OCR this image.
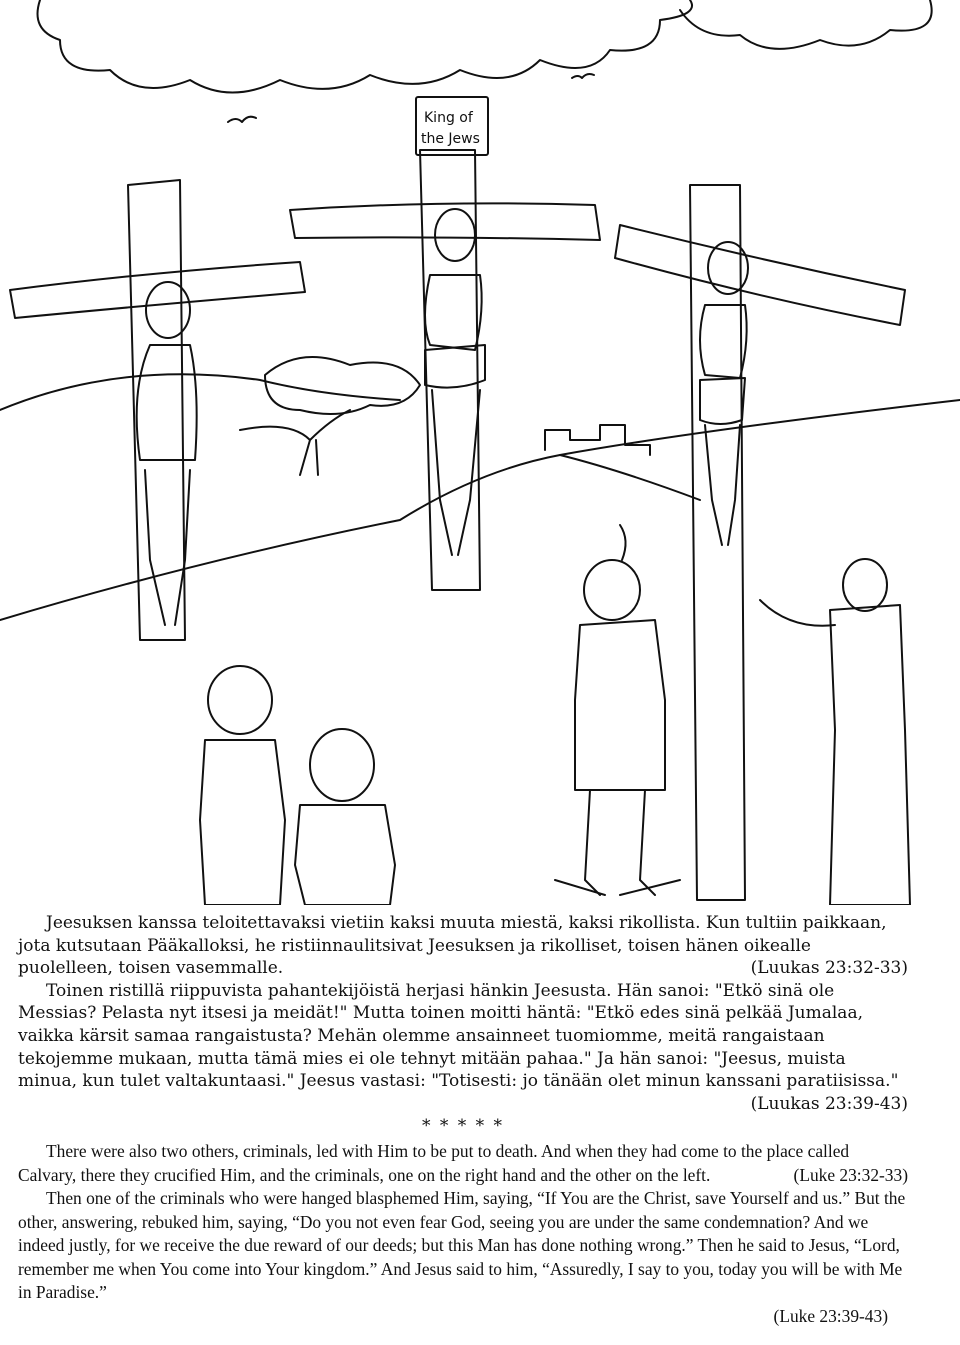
King of
the Jews

Jeesuksen kanssa teloitettavaksi vietiin kaksi muuta miestä, kaksi rikollista. Kun tultiin paikkaan, jota kutsutaan Pääkalloksi, he ristiinnaulitsivat Jeesuksen ja rikolliset, toisen hänen oikealle puolelleen, toisen vasemmalle.	(Luukas 23:32-33)

Toinen ristillä riippuvista pahantekijöistä herjasi hänkin Jeesusta. Hän sanoi: "Etkö sinä ole Messias? Pelasta nyt itsesi ja meidät!" Mutta toinen moitti häntä: "Etkö edes sinä pelkää Jumalaa, vaikka kärsit samaa rangaistusta? Mehän olemme ansainneet tuomiomme, meitä rangaistaan tekojemme mukaan, mutta tämä mies ei ole tehnyt mitään pahaa." Ja hän sanoi: "Jeesus, muista minua, kun tulet valtakuntaasi." Jeesus vastasi: "Totisesti: jo tänään olet minun kanssani paratiisissa."
(Luukas 23:39-43)

* * * * *

There were also two others, criminals, led with Him to be put to death. And when they had come to the place called Calvary, there they crucified Him, and the criminals, one on the right hand and the other on the left.	(Luke 23:32-33)

Then one of the criminals who were hanged blasphemed Him, saying, “If You are the Christ, save Yourself and us.” But the other, answering, rebuked him, saying, “Do you not even fear God, seeing you are under the same condemnation? And we indeed justly, for we receive the due reward of our deeds; but this Man has done nothing wrong.” Then he said to Jesus, “Lord, remember me when You come into Your kingdom.” And Jesus said to him, “Assuredly, I say to you, today you will be with Me in Paradise.”

(Luke 23:39-43)
